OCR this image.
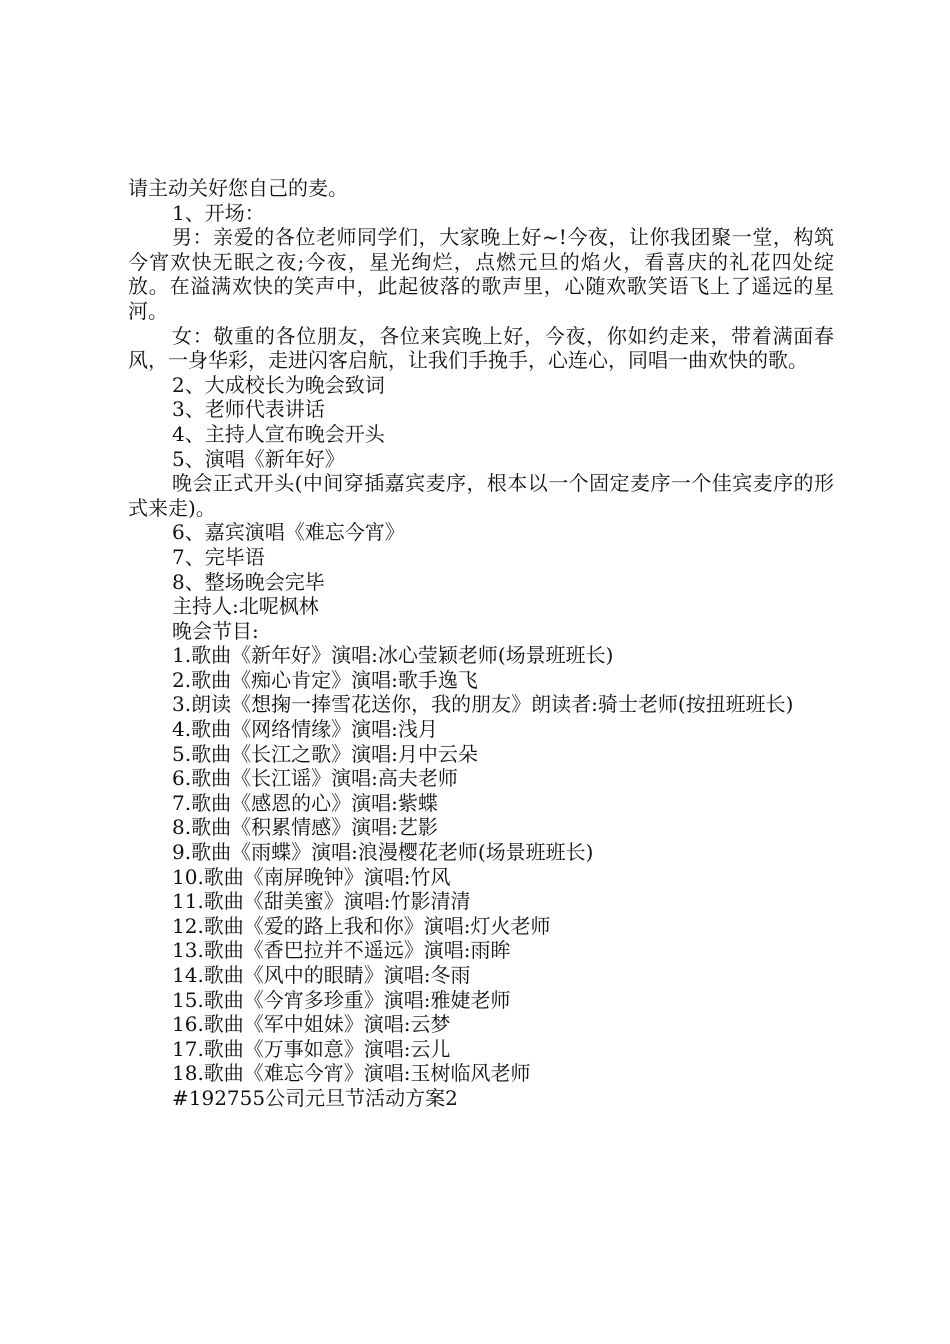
请主动关好您自己的麦。

1、开场：

男：亲爱的各位老师同学们，大家晚上好~!今夜，让你我团聚一堂，构筑今宵欢快无眠之夜;今夜，星光绚烂，点燃元旦的焰火，看喜庆的礼花四处绽放。在溢满欢快的笑声中，此起彼落的歌声里，心随欢歌笑语飞上了遥远的星河。

女：敬重的各位朋友，各位来宾晚上好，今夜，你如约走来，带着满面春风，一身华彩，走进闪客启航，让我们手挽手，心连心，同唱一曲欢快的歌。

2、大成校长为晚会致词

3、老师代表讲话

4、主持人宣布晚会开头

5、演唱《新年好》

晚会正式开头(中间穿插嘉宾麦序，根本以一个固定麦序一个佳宾麦序的形式来走)。

6、嘉宾演唱《难忘今宵》

7、完毕语

8、整场晚会完毕

主持人:北呢枫林

晚会节目:

1.歌曲《新年好》演唱:冰心莹颖老师(场景班班长)

2.歌曲《痴心肯定》演唱:歌手逸飞

3.朗读《想掬一捧雪花送你，我的朋友》朗读者:骑士老师(按扭班班长)

4.歌曲《网络情缘》演唱:浅月

5.歌曲《长江之歌》演唱:月中云朵

6.歌曲《长江谣》演唱:高夫老师

7.歌曲《感恩的心》演唱:紫蝶

8.歌曲《积累情感》演唱:艺影

9.歌曲《雨蝶》演唱:浪漫樱花老师(场景班班长)

10.歌曲《南屏晚钟》演唱:竹风

11.歌曲《甜美蜜》演唱:竹影清清

12.歌曲《爱的路上我和你》演唱:灯火老师

13.歌曲《香巴拉并不遥远》演唱:雨眸

14.歌曲《风中的眼睛》演唱:冬雨

15.歌曲《今宵多珍重》演唱:雅婕老师

16.歌曲《军中姐妹》演唱:云梦

17.歌曲《万事如意》演唱:云儿

18.歌曲《难忘今宵》演唱:玉树临风老师

#192755公司元旦节活动方案2
